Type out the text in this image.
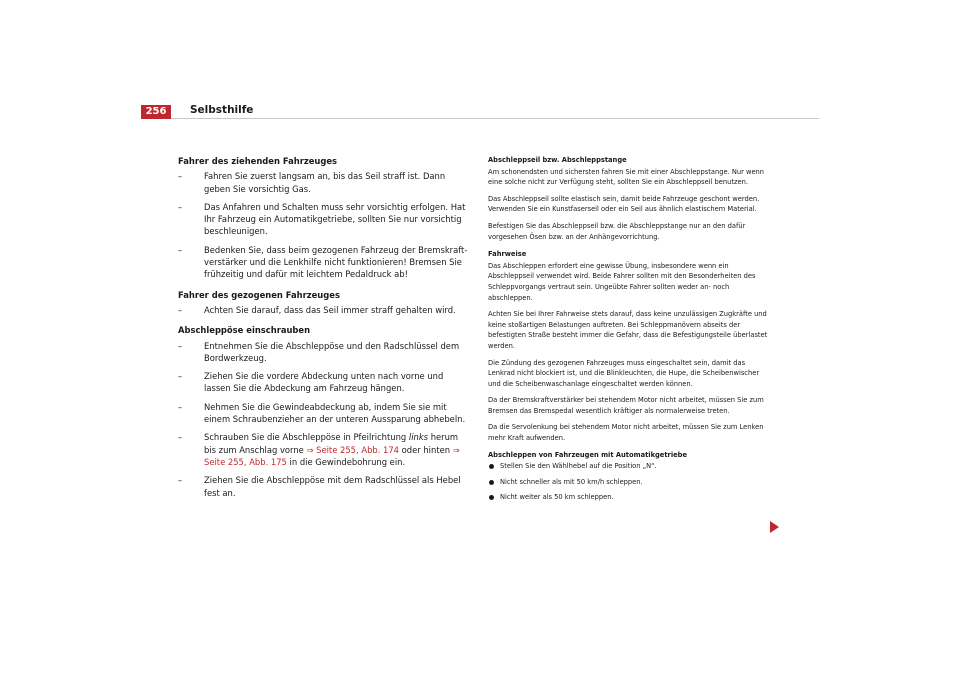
256	Selbsthilfe

Fahrer des ziehenden Fahrzeuges

– Fahren Sie zuerst langsam an, bis das Seil straff ist. Dann geben Sie vorsichtig Gas.

– Das Anfahren und Schalten muss sehr vorsichtig erfolgen. Hat Ihr Fahrzeug ein Automatikgetriebe, sollten Sie nur vorsichtig beschleunigen.

– Bedenken Sie, dass beim gezogenen Fahrzeug der Bremskraftverstärker und die Lenkhilfe nicht funktionieren! Bremsen Sie frühzeitig und dafür mit leichtem Pedaldruck ab!

Fahrer des gezogenen Fahrzeuges

– Achten Sie darauf, dass das Seil immer straff gehalten wird.

Abschleppöse einschrauben

– Entnehmen Sie die Abschleppöse und den Radschlüssel dem Bordwerkzeug.

– Ziehen Sie die vordere Abdeckung unten nach vorne und lassen Sie die Abdeckung am Fahrzeug hängen.

– Nehmen Sie die Gewindeabdeckung ab, indem Sie sie mit einem Schraubenzieher an der unteren Aussparung abhebeln.

– Schrauben Sie die Abschleppöse in Pfeilrichtung links herum bis zum Anschlag vorne ⇒ Seite 255, Abb. 174 oder hinten ⇒ Seite 255, Abb. 175 in die Gewindebohrung ein.

– Ziehen Sie die Abschleppöse mit dem Radschlüssel als Hebel fest an.

Abschleppseil bzw. Abschleppstange

Am schonendsten und sichersten fahren Sie mit einer Abschleppstange. Nur wenn eine solche nicht zur Verfügung steht, sollten Sie ein Abschleppseil benutzen.

Das Abschleppseil sollte elastisch sein, damit beide Fahrzeuge geschont werden. Verwenden Sie ein Kunstfaserseil oder ein Seil aus ähnlich elastischem Material.

Befestigen Sie das Abschleppseil bzw. die Abschleppstange nur an den dafür vorgesehen Ösen bzw. an der Anhängevorrichtung.

Fahrweise

Das Abschleppen erfordert eine gewisse Übung, insbesondere wenn ein Abschleppseil verwendet wird. Beide Fahrer sollten mit den Besonderheiten des Schleppvorgangs vertraut sein. Ungeübte Fahrer sollten weder an- noch abschleppen.

Achten Sie bei Ihrer Fahrweise stets darauf, dass keine unzulässigen Zugkräfte und keine stoßartigen Belastungen auftreten. Bei Schleppmanövern abseits der befestigten Straße besteht immer die Gefahr, dass die Befestigungsteile überlastet werden.

Die Zündung des gezogenen Fahrzeuges muss eingeschaltet sein, damit das Lenkrad nicht blockiert ist, und die Blinkleuchten, die Hupe, die Scheibenwischer und die Scheibenwaschanlage eingeschaltet werden können.

Da der Bremskraftverstärker bei stehendem Motor nicht arbeitet, müssen Sie zum Bremsen das Bremspedal wesentlich kräftiger als normalerweise treten.

Da die Servolenkung bei stehendem Motor nicht arbeitet, müssen Sie zum Lenken mehr Kraft aufwenden.

Abschleppen von Fahrzeugen mit Automatikgetriebe

Stellen Sie den Wählhebel auf die Position „N“.

Nicht schneller als mit 50 km/h schleppen.

Nicht weiter als 50 km schleppen.
